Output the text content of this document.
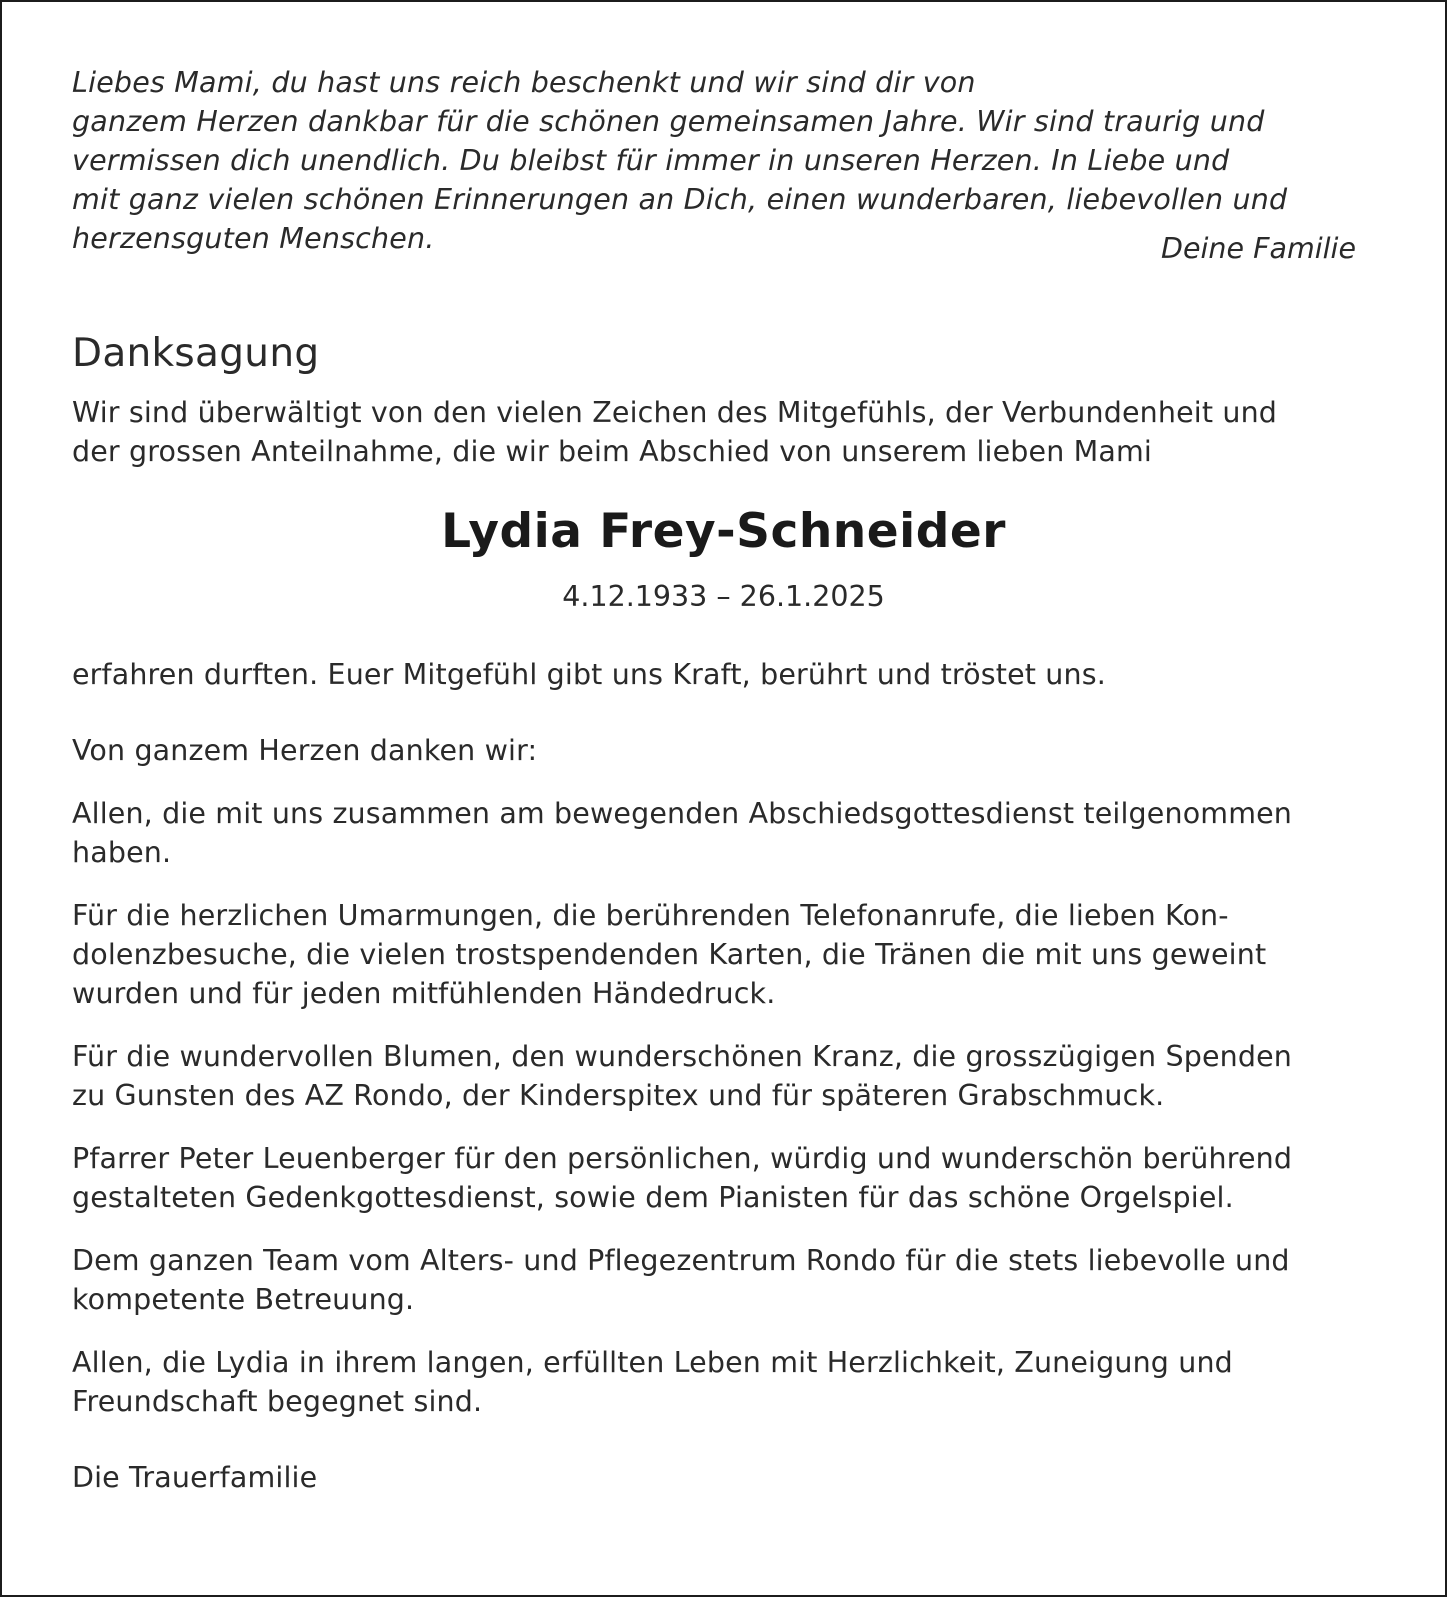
Liebes Mami, du hast uns reich beschenkt und wir sind dir von
ganzem Herzen dankbar für die schönen gemeinsamen Jahre. Wir sind traurig und
vermissen dich unendlich. Du bleibst für immer in unseren Herzen. In Liebe und
mit ganz vielen schönen Erinnerungen an Dich, einen wunderbaren, liebevollen und
herzensguten Menschen.	Deine Familie
Danksagung
Wir sind überwältigt von den vielen Zeichen des Mitgefühls, der Verbundenheit und
der grossen Anteilnahme, die wir beim Abschied von unserem lieben Mami
Lydia Frey-Schneider
4.12.1933 – 26.1.2025
erfahren durften. Euer Mitgefühl gibt uns Kraft, berührt und tröstet uns.
Von ganzem Herzen danken wir:
Allen, die mit uns zusammen am bewegenden Abschiedsgottesdienst teilgenommen
haben.
Für die herzlichen Umarmungen, die berührenden Telefonanrufe, die lieben Kon-
dolenzbesuche, die vielen trostspendenden Karten, die Tränen die mit uns geweint
wurden und für jeden mitfühlenden Händedruck.
Für die wundervollen Blumen, den wunderschönen Kranz, die grosszügigen Spenden
zu Gunsten des AZ Rondo, der Kinderspitex und für späteren Grabschmuck.
Pfarrer Peter Leuenberger für den persönlichen, würdig und wunderschön berührend
gestalteten Gedenkgottesdienst, sowie dem Pianisten für das schöne Orgelspiel.
Dem ganzen Team vom Alters- und Pflegezentrum Rondo für die stets liebevolle und
kompetente Betreuung.
Allen, die Lydia in ihrem langen, erfüllten Leben mit Herzlichkeit, Zuneigung und
Freundschaft begegnet sind.
Die Trauerfamilie
